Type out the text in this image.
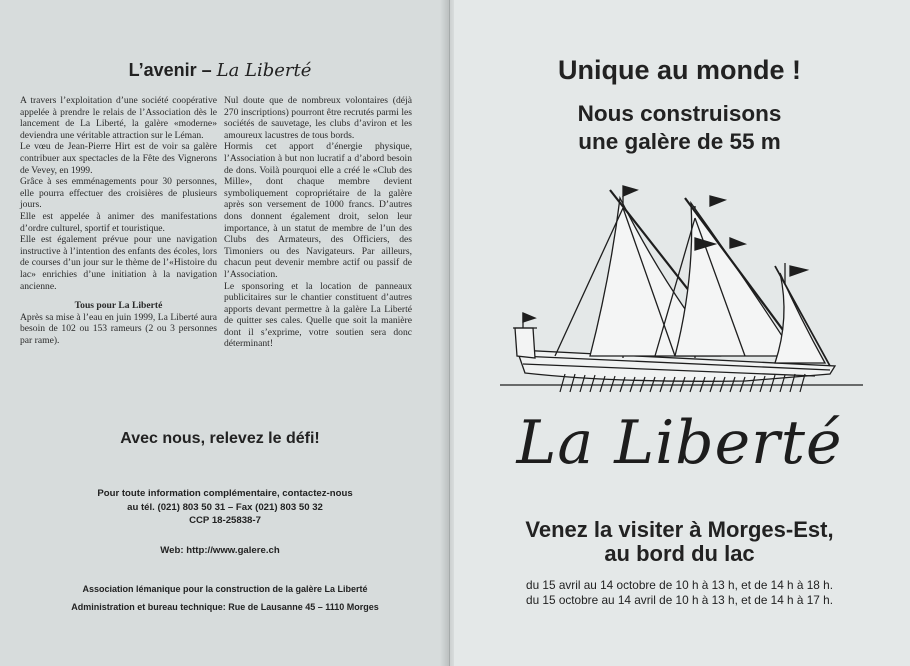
L’avenir – La Liberté

A travers l’exploitation d’une société coopérative appelée à prendre le relais de l’Association dès le lancement de La Liberté, la galère «moderne» deviendra une véritable attraction sur le Léman.

Le vœu de Jean-Pierre Hirt est de voir sa galère contribuer aux spectacles de la Fête des Vignerons de Vevey, en 1999.

Grâce à ses emménagements pour 30 personnes, elle pourra effectuer des croisières de plusieurs jours.

Elle est appelée à animer des manifestations d’ordre culturel, sportif et touristique.

Elle est également prévue pour une navigation instructive à l’intention des enfants des écoles, lors de courses d’un jour sur le thème de l’«Histoire du lac» enrichies d’une initiation à la navigation ancienne.

Tous pour La Liberté

Après sa mise à l’eau en juin 1999, La Liberté aura besoin de 102 ou 153 rameurs (2 ou 3 personnes par rame).

Nul doute que de nombreux volontaires (déjà 270 inscriptions) pourront être recrutés parmi les sociétés de sauvetage, les clubs d’aviron et les amoureux lacustres de tous bords.

Hormis cet apport d’énergie physique, l’Association à but non lucratif a d’abord besoin de dons. Voilà pourquoi elle a créé le «Club des Mille», dont chaque membre devient symboliquement copropriétaire de la galère après son versement de 1000 francs. D’autres dons donnent également droit, selon leur importance, à un statut de membre de l’un des Clubs des Armateurs, des Officiers, des Timoniers ou des Navigateurs. Par ailleurs, chacun peut devenir membre actif ou passif de l’Association.

Le sponsoring et la location de panneaux publicitaires sur le chantier constituent d’autres apports devant permettre à la galère La Liberté de quitter ses cales. Quelle que soit la manière dont il s’exprime, votre soutien sera donc déterminant!

Avec nous, relevez le défi!
Pour toute information complémentaire, contactez-nous
au tél. (021) 803 50 31 – Fax (021) 803 50 32
CCP 18-25838-7
Web: http://www.galere.ch
Association lémanique pour la construction de la galère La Liberté
Administration et bureau technique: Rue de Lausanne 45 – 1110 Morges
Unique au monde !
Nous construisons
une galère de 55 m
La Liberté
Venez la visiter à Morges-Est,
au bord du lac
du 15 avril au 14 octobre de 10 h à 13 h, et de 14 h à 18 h.
du 15 octobre au 14 avril de 10 h à 13 h, et de 14 h à 17 h.
